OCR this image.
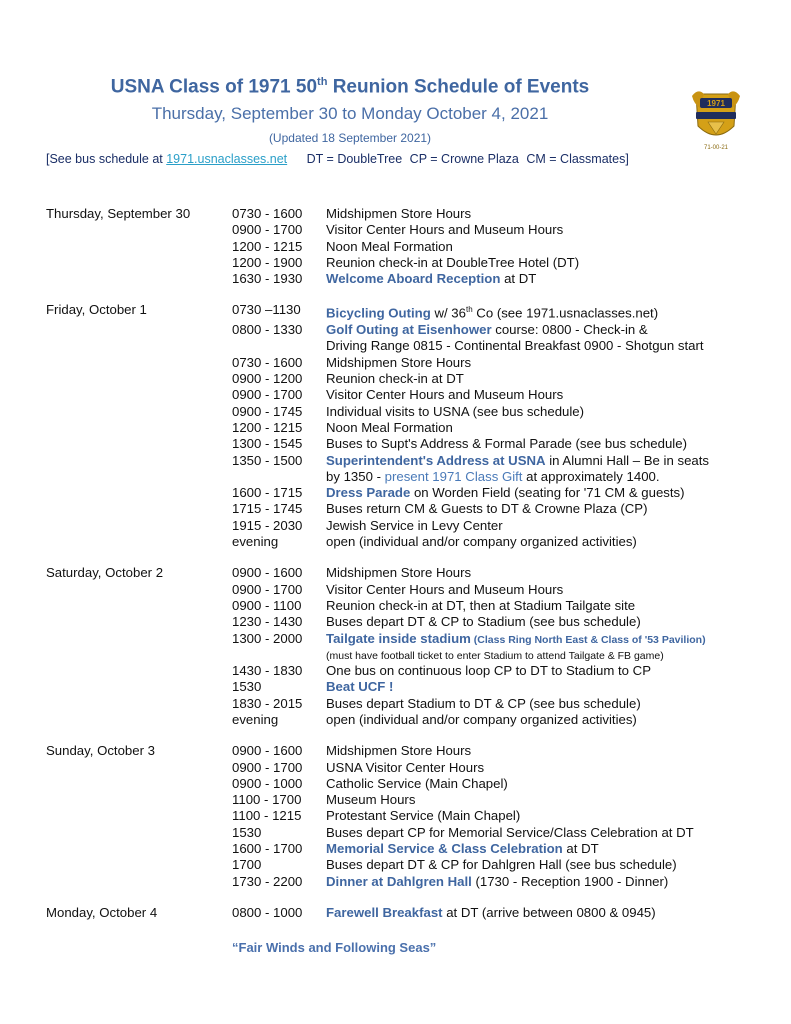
USNA Class of 1971 50th Reunion Schedule of Events
Thursday, September 30 to Monday October 4, 2021
(Updated 18 September 2021)
[See bus schedule at 1971.usnaclasses.net DT = DoubleTree CP = Crowne Plaza CM = Classmates]
1971
71-00-21
Thursday, September 30	0730 - 1600	Midshipmen Store Hours
0900 - 1700	Visitor Center Hours and Museum Hours
1200 - 1215	Noon Meal Formation
1200 - 1900	Reunion check-in at DoubleTree Hotel (DT)
1630 - 1930	Welcome Aboard Reception at DT
Friday, October 1	0730 –1130	Bicycling Outing w/ 36th Co (see 1971.usnaclasses.net)
0800 - 1330	Golf Outing at Eisenhower course: 0800 - Check-in &
Driving Range 0815 - Continental Breakfast 0900 - Shotgun start
0730 - 1600	Midshipmen Store Hours
0900 - 1200	Reunion check-in at DT
0900 - 1700	Visitor Center Hours and Museum Hours
0900 - 1745	Individual visits to USNA (see bus schedule)
1200 - 1215	Noon Meal Formation
1300 - 1545	Buses to Supt's Address & Formal Parade (see bus schedule)
1350 - 1500	Superintendent's Address at USNA in Alumni Hall – Be in seats
by 1350 - present 1971 Class Gift at approximately 1400.
1600 - 1715	Dress Parade on Worden Field (seating for '71 CM & guests)
1715 - 1745	Buses return CM & Guests to DT & Crowne Plaza (CP)
1915 - 2030	Jewish Service in Levy Center
evening	open (individual and/or company organized activities)
Saturday, October 2	0900 - 1600	Midshipmen Store Hours
0900 - 1700	Visitor Center Hours and Museum Hours
0900 - 1100	Reunion check-in at DT, then at Stadium Tailgate site
1230 - 1430	Buses depart DT & CP to Stadium (see bus schedule)
1300 - 2000	Tailgate inside stadium (Class Ring North East & Class of '53 Pavilion)
(must have football ticket to enter Stadium to attend Tailgate & FB game)
1430 - 1830	One bus on continuous loop CP to DT to Stadium to CP
1530	Beat UCF !
1830 - 2015	Buses depart Stadium to DT & CP (see bus schedule)
evening	open (individual and/or company organized activities)
Sunday, October 3	0900 - 1600	Midshipmen Store Hours
0900 - 1700	USNA Visitor Center Hours
0900 - 1000	Catholic Service (Main Chapel)
1100 - 1700	Museum Hours
1100 - 1215	Protestant Service (Main Chapel)
1530	Buses depart CP for Memorial Service/Class Celebration at DT
1600 - 1700	Memorial Service & Class Celebration at DT
1700	Buses depart DT & CP for Dahlgren Hall (see bus schedule)
1730 - 2200	Dinner at Dahlgren Hall (1730 - Reception 1900 - Dinner)
Monday, October 4	0800 - 1000	Farewell Breakfast at DT (arrive between 0800 & 0945)
“Fair Winds and Following Seas”
